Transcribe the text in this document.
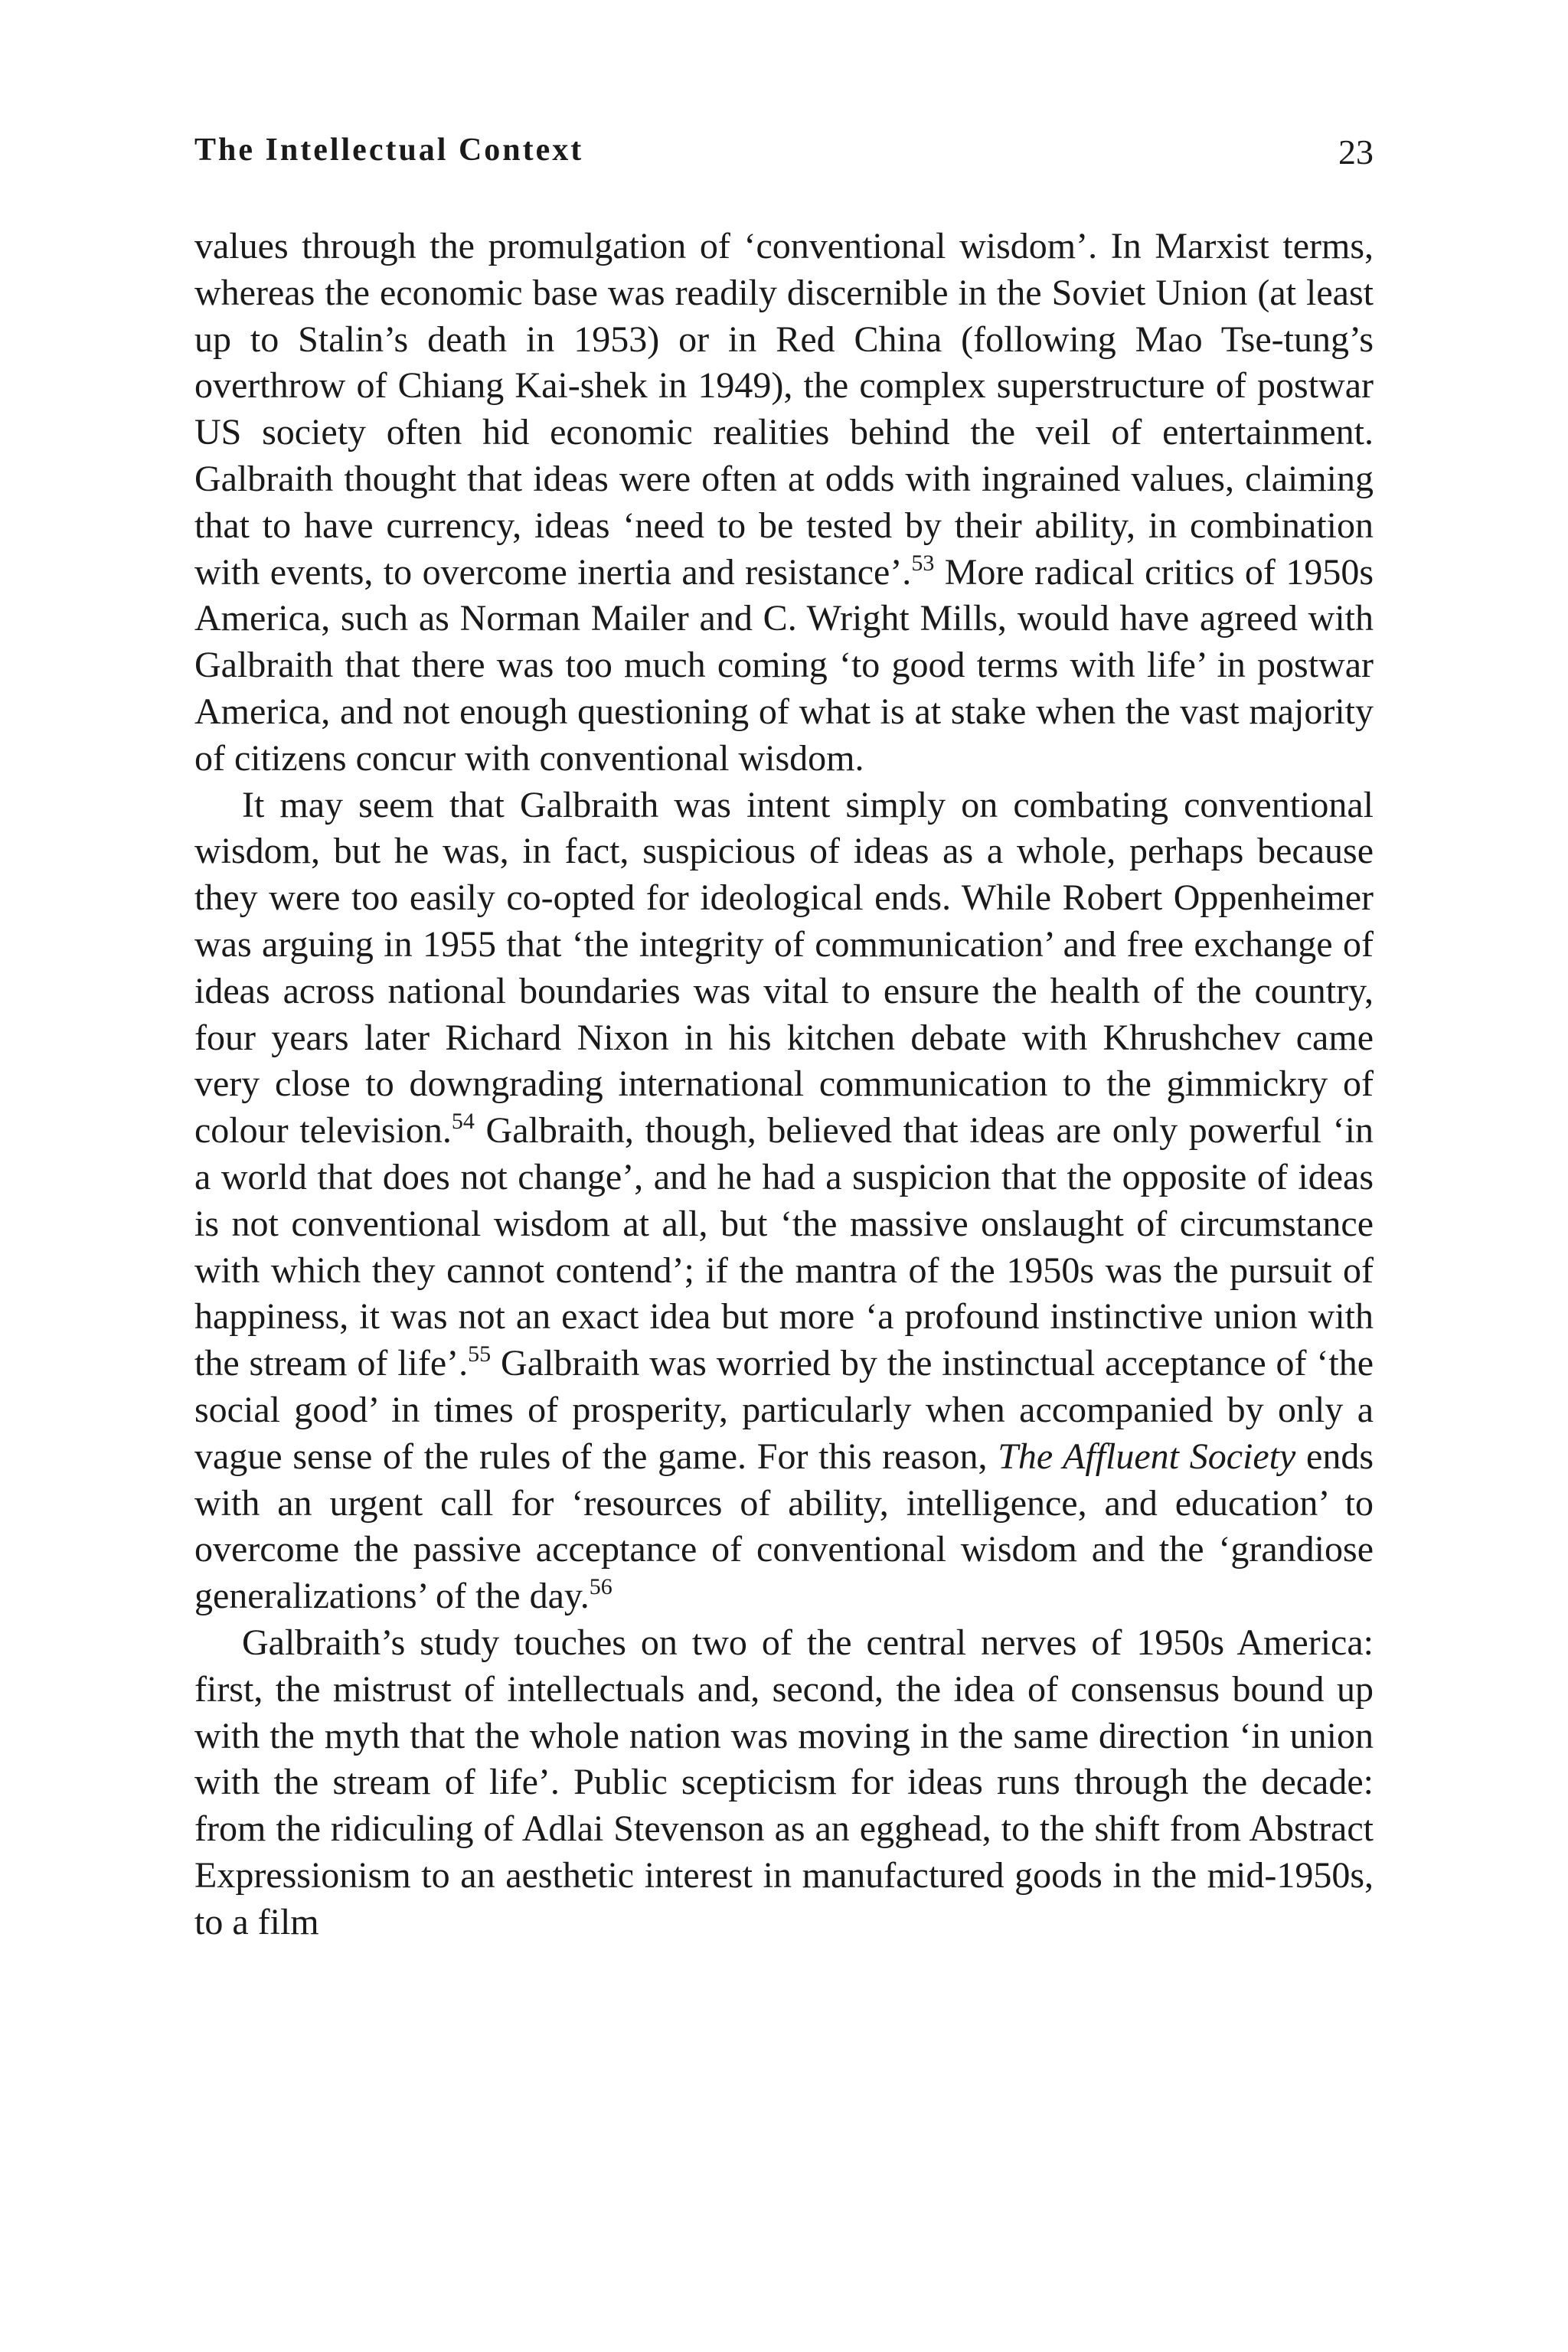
The Intellectual Context	23

values through the promulgation of ‘conventional wisdom’. In Marxist terms, whereas the economic base was readily discernible in the Soviet Union (at least up to Stalin’s death in 1953) or in Red China (following Mao Tse-tung’s overthrow of Chiang Kai-shek in 1949), the complex superstructure of postwar US society often hid economic realities behind the veil of entertainment. Galbraith thought that ideas were often at odds with ingrained values, claiming that to have currency, ideas ‘need to be tested by their ability, in combination with events, to overcome inertia and resistance’.$^{53}$ More radical critics of 1950s America, such as Norman Mailer and C. Wright Mills, would have agreed with Galbraith that there was too much coming ‘to good terms with life’ in postwar America, and not enough questioning of what is at stake when the vast majority of citizens concur with conventional wisdom.

It may seem that Galbraith was intent simply on combating conventional wisdom, but he was, in fact, suspicious of ideas as a whole, perhaps because they were too easily co-opted for ideological ends. While Robert Oppenheimer was arguing in 1955 that ‘the integrity of communication’ and free exchange of ideas across national boundaries was vital to ensure the health of the country, four years later Richard Nixon in his kitchen debate with Khrushchev came very close to downgrading international communication to the gimmickry of colour television.$^{54}$ Galbraith, though, believed that ideas are only powerful ‘in a world that does not change’, and he had a suspicion that the opposite of ideas is not conventional wisdom at all, but ‘the massive onslaught of circumstance with which they cannot contend’; if the mantra of the 1950s was the pursuit of happiness, it was not an exact idea but more ‘a profound instinctive union with the stream of life’.$^{55}$ Galbraith was worried by the instinctual acceptance of ‘the social good’ in times of prosperity, particularly when accompanied by only a vague sense of the rules of the game. For this reason, The Affluent Society ends with an urgent call for ‘resources of ability, intelligence, and education’ to overcome the passive acceptance of conventional wisdom and the ‘grandiose generalizations’ of the day.$^{56}$

Galbraith’s study touches on two of the central nerves of 1950s America: first, the mistrust of intellectuals and, second, the idea of consensus bound up with the myth that the whole nation was moving in the same direction ‘in union with the stream of life’. Public scepticism for ideas runs through the decade: from the ridiculing of Adlai Stevenson as an egghead, to the shift from Abstract Expressionism to an aesthetic interest in manufactured goods in the mid-1950s, to a film
